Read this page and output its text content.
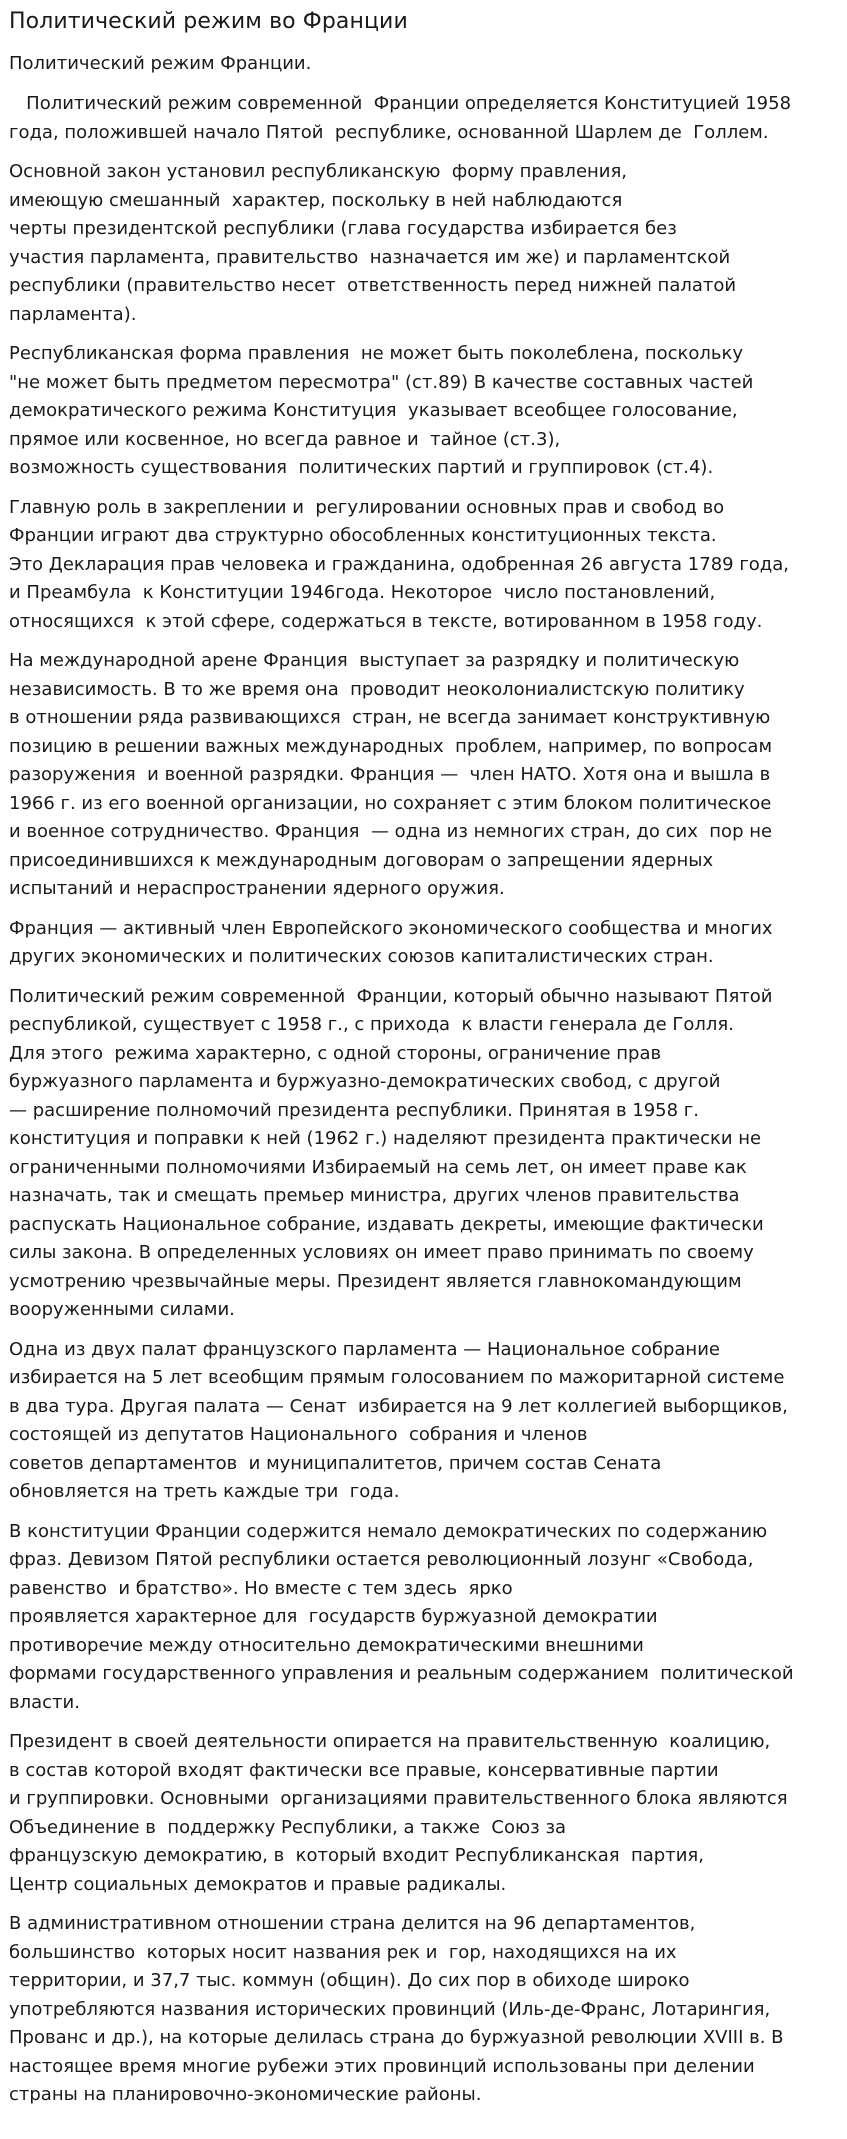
Политический режим во Франции
Политический режим Франции.
Политический режим современной  Франции определяется Конституцией 1958
года, положившей начало Пятой  республике, основанной Шарлем де  Голлем.
Основной закон установил республиканскую  форму правления,
имеющую смешанный  характер, поскольку в ней наблюдаются
черты президентской республики (глава государства избирается без
участия парламента, правительство  назначается им же) и парламентской
республики (правительство несет  ответственность перед нижней палатой
парламента).
Республиканская форма правления  не может быть поколеблена, поскольку
"не может быть предметом пересмотра" (ст.89) В качестве составных частей
демократического режима Конституция  указывает всеобщее голосование,
прямое или косвенное, но всегда равное и  тайное (ст.3),
возможность существования  политических партий и группировок (ст.4).
Главную роль в закреплении и  регулировании основных прав и свобод во
Франции играют два структурно обособленных конституционных текста.
Это Декларация прав человека и гражданина, одобренная 26 августа 1789 года,
и Преамбула  к Конституции 1946года. Некоторое  число постановлений,
относящихся  к этой сфере, содержаться в тексте, вотированном в 1958 году.
На международной арене Франция  выступает за разрядку и политическую
независимость. В то же время она  проводит неоколониалистскую политику
в отношении ряда развивающихся  стран, не всегда занимает конструктивную
позицию в решении важных международных  проблем, например, по вопросам
разоружения  и военной разрядки. Франция —  член НАТО. Хотя она и вышла в
1966 г. из его военной организации, но сохраняет с этим блоком политическое
и военное сотрудничество. Франция  — одна из немногих стран, до сих  пор не
присоединившихся к международным договорам о запрещении ядерных
испытаний и нераспространении ядерного оружия.
Франция — активный член Европейского экономического сообщества и многих
других экономических и политических союзов капиталистических стран.
Политический режим современной  Франции, который обычно называют Пятой
республикой, существует с 1958 г., с прихода  к власти генерала де Голля.
Для этого  режима характерно, с одной стороны, ограничение прав
буржуазного парламента и буржуазно-демократических свобод, с другой
— расширение полномочий президента республики. Принятая в 1958 г.
конституция и поправки к ней (1962 г.) наделяют президента практически не
ограниченными полномочиями Избираемый на семь лет, он имеет праве как
назначать, так и смещать премьер министра, других членов правительства
распускать Национальное собрание, издавать декреты, имеющие фактически
силы закона. В определенных условиях он имеет право принимать по своему
усмотрению чрезвычайные меры. Президент является главнокомандующим
вооруженными силами.
Одна из двух палат французского парламента — Национальное собрание
избирается на 5 лет всеобщим прямым голосованием по мажоритарной системе
в два тура. Другая палата — Сенат  избирается на 9 лет коллегией выборщиков,
состоящей из депутатов Национального  собрания и членов
советов департаментов  и муниципалитетов, причем состав Сената
обновляется на треть каждые три  года.
В конституции Франции содержится немало демократических по содержанию
фраз. Девизом Пятой республики остается революционный лозунг «Свобода,
равенство  и братство». Но вместе с тем здесь  ярко
проявляется характерное для  государств буржуазной демократии
противоречие между относительно демократическими внешними
формами государственного управления и реальным содержанием  политической
власти.
Президент в своей деятельности опирается на правительственную  коалицию,
в состав которой входят фактически все правые, консервативные партии
и группировки. Основными  организациями правительственного блока являются
Объединение в  поддержку Республики, а также  Союз за
французскую демократию, в  который входит Республиканская  партия,
Центр социальных демократов и правые радикалы.
В административном отношении страна делится на 96 департаментов,
большинство  которых носит названия рек и  гор, находящихся на их
территории, и 37,7 тыс. коммун (общин). До сих пор в обиходе широко
употребляются названия исторических провинций (Иль-де-Франс, Лотарингия,
Прованс и др.), на которые делилась страна до буржуазной революции XVIII в. В
настоящее время многие рубежи этих провинций использованы при делении
страны на планировочно-экономические районы.
